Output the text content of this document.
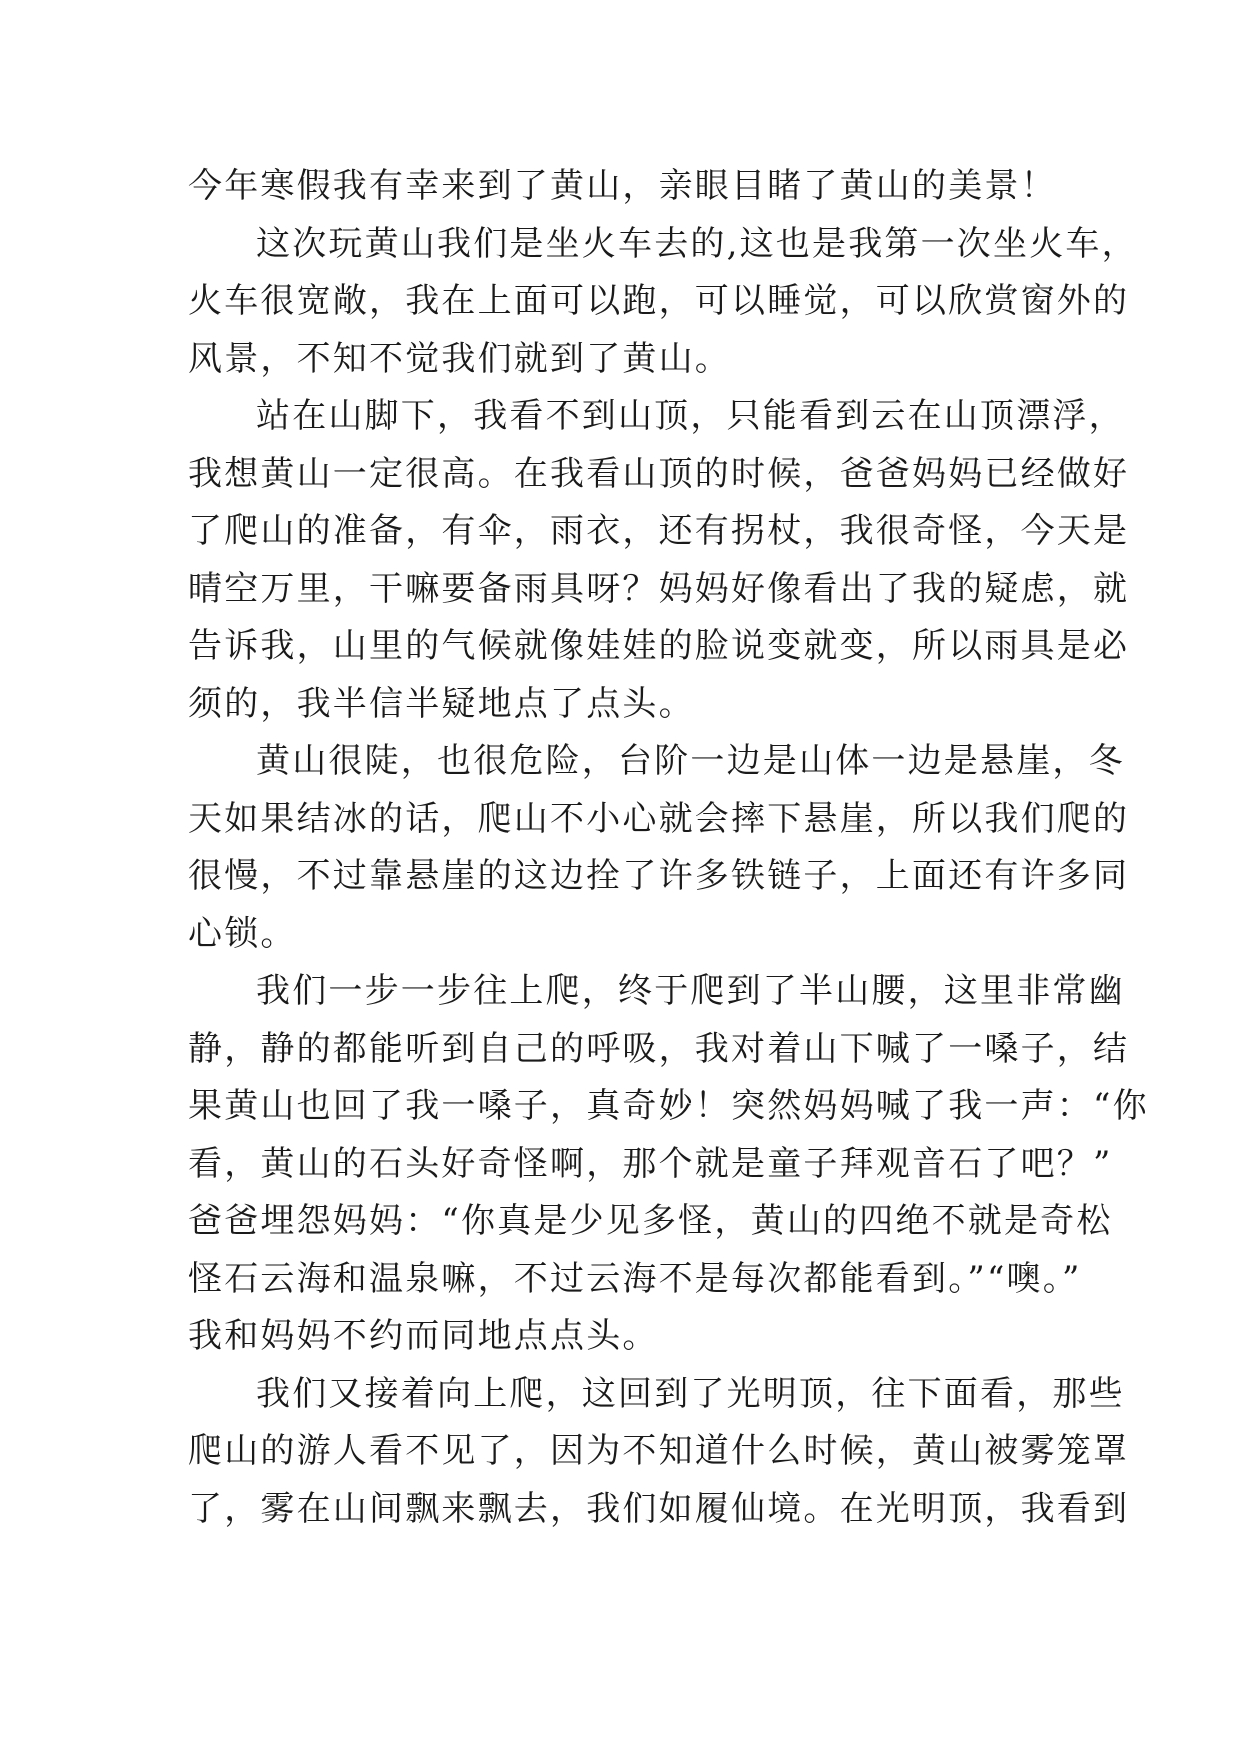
今年寒假我有幸来到了黄山，亲眼目睹了黄山的美景！
这次玩黄山我们是坐火车去的,这也是我第一次坐火车，
火车很宽敞，我在上面可以跑，可以睡觉，可以欣赏窗外的
风景，不知不觉我们就到了黄山。
站在山脚下，我看不到山顶，只能看到云在山顶漂浮，
我想黄山一定很高。在我看山顶的时候，爸爸妈妈已经做好
了爬山的准备，有伞，雨衣，还有拐杖，我很奇怪，今天是
晴空万里，干嘛要备雨具呀？妈妈好像看出了我的疑虑，就
告诉我，山里的气候就像娃娃的脸说变就变，所以雨具是必
须的，我半信半疑地点了点头。
黄山很陡，也很危险，台阶一边是山体一边是悬崖，冬
天如果结冰的话，爬山不小心就会摔下悬崖，所以我们爬的
很慢，不过靠悬崖的这边拴了许多铁链子，上面还有许多同
心锁。
我们一步一步往上爬，终于爬到了半山腰，这里非常幽
静，静的都能听到自己的呼吸，我对着山下喊了一嗓子，结
果黄山也回了我一嗓子，真奇妙！突然妈妈喊了我一声：“你
看，黄山的石头好奇怪啊，那个就是童子拜观音石了吧？”
爸爸埋怨妈妈：“你真是少见多怪，黄山的四绝不就是奇松
怪石云海和温泉嘛，不过云海不是每次都能看到。”“噢。”
我和妈妈不约而同地点点头。
我们又接着向上爬，这回到了光明顶，往下面看，那些
爬山的游人看不见了，因为不知道什么时候，黄山被雾笼罩
了，雾在山间飘来飘去，我们如履仙境。在光明顶，我看到
